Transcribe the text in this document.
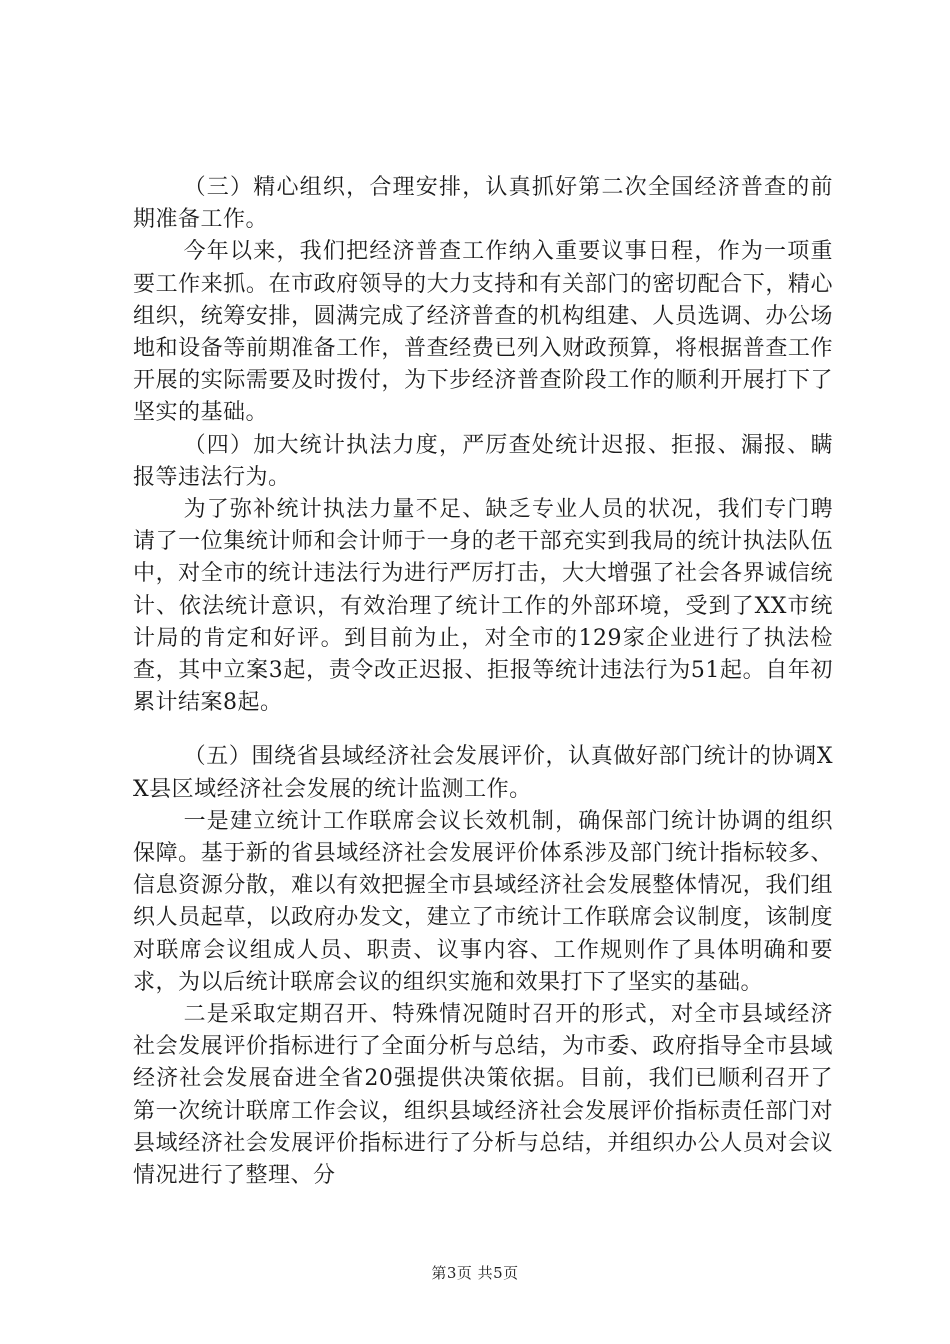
（三）精心组织，合理安排，认真抓好第二次全国经济普查的前期准备工作。

今年以来，我们把经济普查工作纳入重要议事日程，作为一项重要工作来抓。在市政府领导的大力支持和有关部门的密切配合下，精心组织，统筹安排，圆满完成了经济普查的机构组建、人员选调、办公场地和设备等前期准备工作，普查经费已列入财政预算，将根据普查工作开展的实际需要及时拨付，为下步经济普查阶段工作的顺利开展打下了坚实的基础。

（四）加大统计执法力度，严厉查处统计迟报、拒报、漏报、瞒报等违法行为。

为了弥补统计执法力量不足、缺乏专业人员的状况，我们专门聘请了一位集统计师和会计师于一身的老干部充实到我局的统计执法队伍中，对全市的统计违法行为进行严厉打击，大大增强了社会各界诚信统计、依法统计意识，有效治理了统计工作的外部环境，受到了XX市统计局的肯定和好评。到目前为止，对全市的129家企业进行了执法检查，其中立案3起，责令改正迟报、拒报等统计违法行为51起。自年初累计结案8起。

（五）围绕省县域经济社会发展评价，认真做好部门统计的协调XX县区域经济社会发展的统计监测工作。

一是建立统计工作联席会议长效机制，确保部门统计协调的组织保障。基于新的省县域经济社会发展评价体系涉及部门统计指标较多、信息资源分散，难以有效把握全市县域经济社会发展整体情况，我们组织人员起草，以政府办发文，建立了市统计工作联席会议制度，该制度对联席会议组成人员、职责、议事内容、工作规则作了具体明确和要求，为以后统计联席会议的组织实施和效果打下了坚实的基础。

二是采取定期召开、特殊情况随时召开的形式，对全市县域经济社会发展评价指标进行了全面分析与总结，为市委、政府指导全市县域经济社会发展奋进全省20强提供决策依据。目前，我们已顺利召开了第一次统计联席工作会议，组织县域经济社会发展评价指标责任部门对县域经济社会发展评价指标进行了分析与总结，并组织办公人员对会议情况进行了整理、分

第3页 共5页
